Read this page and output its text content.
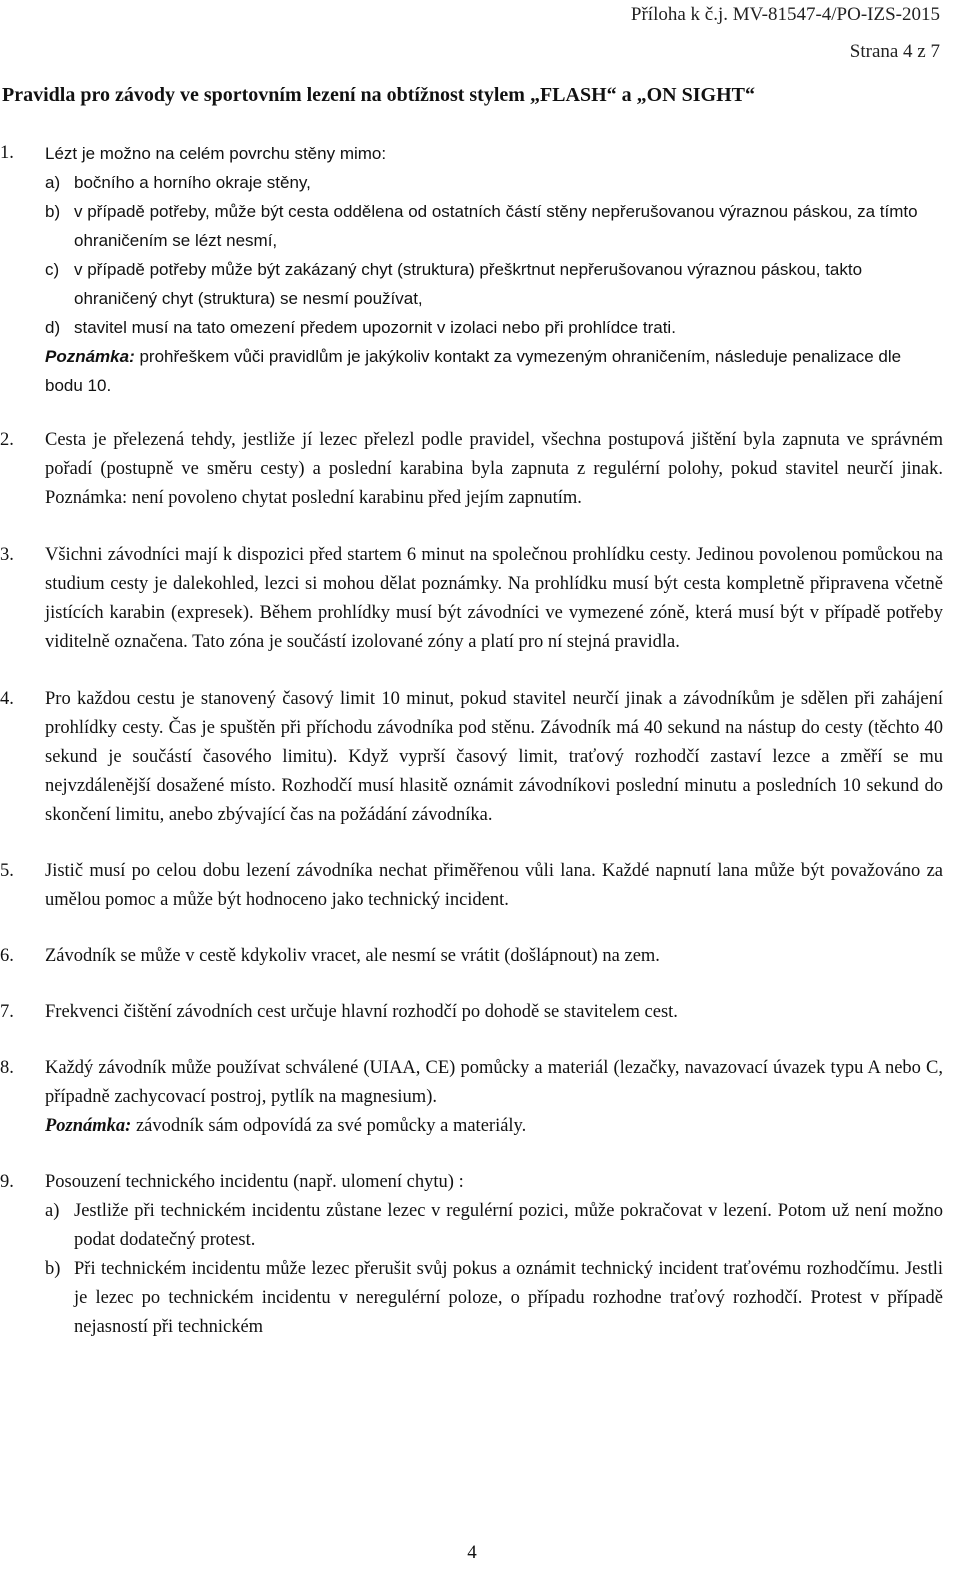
Příloha k č.j. MV-81547-4/PO-IZS-2015
Strana 4 z 7
Pravidla pro závody ve sportovním lezení na obtížnost stylem „FLASH“ a „ON SIGHT“
1.	Lézt je možno na celém povrchu stěny mimo:
a) bočního a horního okraje stěny,
b) v případě potřeby, může být cesta oddělena od ostatních částí stěny nepřerušovanou výraznou páskou, za tímto ohraničením se lézt nesmí,
c) v případě potřeby může být zakázaný chyt (struktura) přeškrtnut nepřerušovanou výraznou páskou, takto ohraničený chyt (struktura) se nesmí používat,
d) stavitel musí na tato omezení předem upozornit v izolaci nebo při prohlídce trati.
Poznámka: prohřeškem vůči pravidlům je jakýkoliv kontakt za vymezeným ohraničením, následuje penalizace dle bodu 10.
2.	Cesta je přelezená tehdy, jestliže jí lezec přelezl podle pravidel, všechna postupová jištění byla zapnuta ve správném pořadí (postupně ve směru cesty) a poslední karabina byla zapnuta z regulérní polohy, pokud stavitel neurčí jinak. Poznámka: není povoleno chytat poslední karabinu před jejím zapnutím.
3.	Všichni závodníci mají k dispozici před startem 6 minut na společnou prohlídku cesty. Jedinou povolenou pomůckou na studium cesty je dalekohled, lezci si mohou dělat poznámky. Na prohlídku musí být cesta kompletně připravena včetně jistících karabin (expresek). Během prohlídky musí být závodníci ve vymezené zóně, která musí být v případě potřeby viditelně označena. Tato zóna je součástí izolované zóny a platí pro ní stejná pravidla.
4.	Pro každou cestu je stanovený časový limit 10 minut, pokud stavitel neurčí jinak a závodníkům je sdělen při zahájení prohlídky cesty. Čas je spuštěn při příchodu závodníka pod stěnu. Závodník má 40 sekund na nástup do cesty (těchto 40 sekund je součástí časového limitu). Když vyprší časový limit, traťový rozhodčí zastaví lezce a změří se mu nejvzdálenější dosažené místo. Rozhodčí musí hlasitě oznámit závodníkovi poslední minutu a posledních 10 sekund do skončení limitu, anebo zbývající čas na požádání závodníka.
5.	Jistič musí po celou dobu lezení závodníka nechat přiměřenou vůli lana. Každé napnutí lana může být považováno za umělou pomoc a může být hodnoceno jako technický incident.
6.	Závodník se může v cestě kdykoliv vracet, ale nesmí se vrátit (došlápnout) na zem.
7.	Frekvenci čištění závodních cest určuje hlavní rozhodčí po dohodě se stavitelem cest.
8.	Každý závodník může používat schválené (UIAA, CE) pomůcky a materiál (lezačky, navazovací úvazek typu A nebo C, případně zachycovací postroj, pytlík na magnesium).
Poznámka: závodník sám odpovídá za své pomůcky a materiály.
9.	Posouzení technického incidentu (např. ulomení chytu) :
a) Jestliže při technickém incidentu zůstane lezec v regulérní pozici, může pokračovat v lezení. Potom už není možno podat dodatečný protest.
b) Při technickém incidentu může lezec přerušit svůj pokus a oznámit technický incident traťovému rozhodčímu. Jestli je lezec po technickém incidentu v neregulérní poloze, o případu rozhodne traťový rozhodčí. Protest v případě nejasností při technickém
4
